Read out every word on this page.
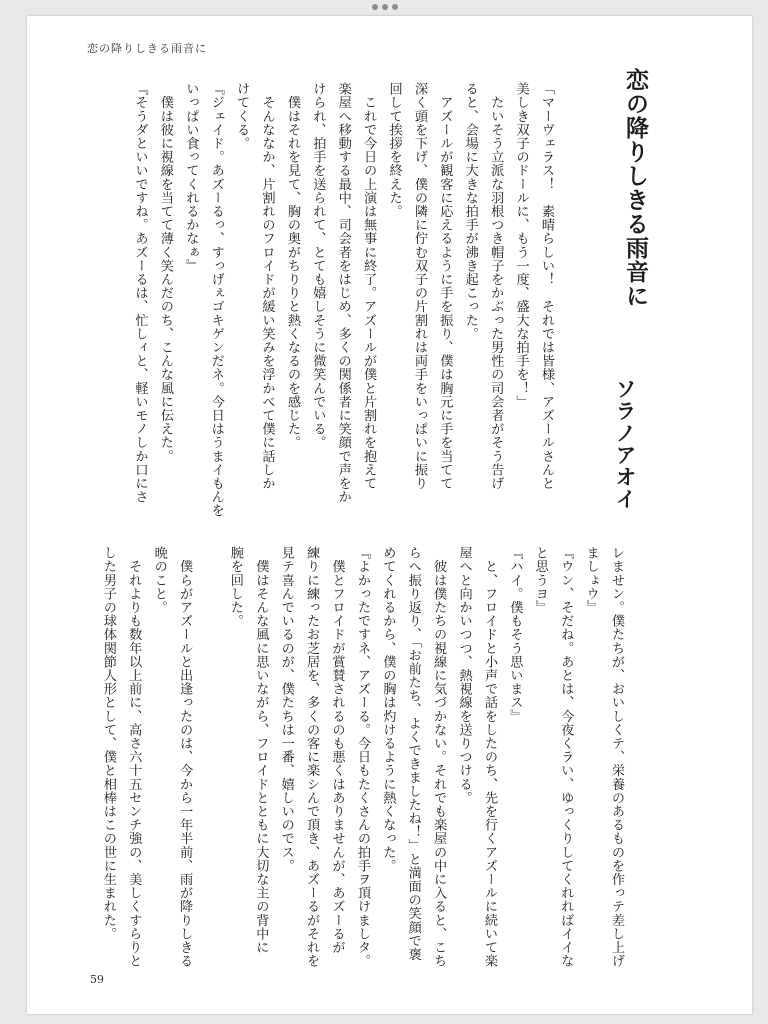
恋の降りしきる雨音に
恋の降りしきる雨音に
ソラノアオイ
「マーヴェラス！　素晴らしい！　それでは皆様、アズールさんと
美しき双子のドールに、もう一度、盛大な拍手を！」
　たいそう立派な羽根つき帽子をかぶった男性の司会者がそう告げ
ると、会場に大きな拍手が沸き起こった。
　アズールが観客に応えるように手を振り、僕は胸元に手を当てて
深く頭を下げ、僕の隣に佇む双子の片割れは両手をいっぱいに振り
回して挨拶を終えた。
　これで今日の上演は無事に終了。アズールが僕と片割れを抱えて
楽屋へ移動する最中、司会者をはじめ、多くの関係者に笑顔で声をか
けられ、拍手を送られて、とても嬉しそうに微笑んでいる。
　僕はそれを見て、胸の奥がちりりと熱くなるのを感じた。
　そんななか、片割れのフロイドが緩い笑みを浮かべて僕に話しか
けてくる。
『ジェイド。あズーるっ、すっげぇゴキゲンだネ。今日はうまイもんを
いっぱい食ってくれるかなぁ』
　僕は彼に視線を当てて薄く笑んだのち、こんな風に伝えた。
『そうダといいですね。あズーるは、忙しィと、軽いモノしか口にさ
レませン。僕たちが、おいしくテ、栄養のあるものを作っテ差し上げ
ましょウ』
『ウン、そだね。あとは、今夜くラい、ゆっくりしてくれればイイな
と思うヨ』
『ハイ。僕もそう思いまス』
　と、フロイドと小声で話をしたのち、先を行くアズールに続いて楽
屋へと向かいつつ、熱視線を送りつける。
　彼は僕たちの視線に気づかない。それでも楽屋の中に入ると、こち
らへ振り返り、「お前たち、よくできましたね！」と満面の笑顔で褒
めてくれるから、僕の胸は灼けるように熱くなった。
『よかったですネ、アズーる。今日もたくさんの拍手ヲ頂けましタ。
　僕とフロイドが賞賛されるのも悪くはありませんが、あズーるが
練りに練ったお芝居を、多くの客に楽シんで頂き、あズーるがそれを
見テ喜んでいるのが、僕たちは一番、嬉しいのでス。
　僕はそんな風に思いながら、フロイドとともに大切な主の背中に
腕を回した。

　僕らがアズールと出逢ったのは、今から一年半前、雨が降りしきる
晩のこと。
　それよりも数年以上前に、高さ六十五センチ強の、美しくすらりと
した男子の球体関節人形として、僕と相棒はこの世に生まれた。
59
